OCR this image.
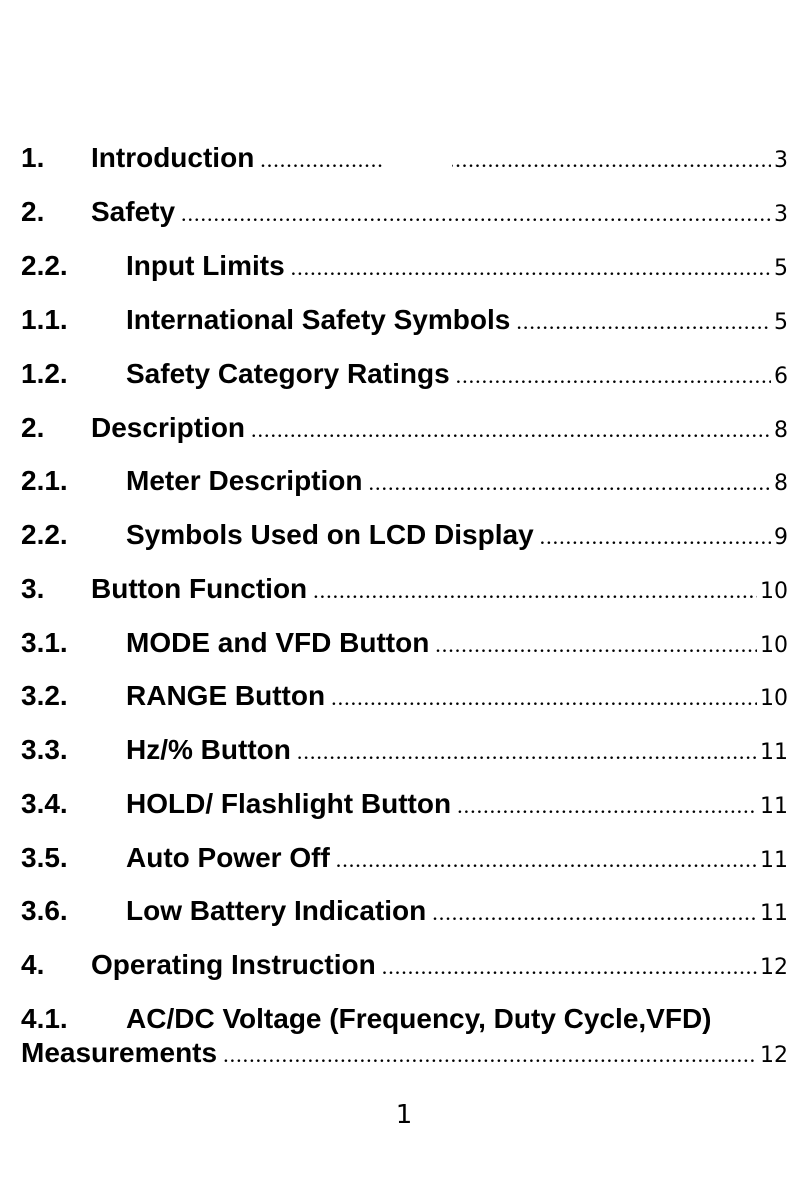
1.	Introduction .....	3
2.	Safety .....	3
2.2.	Input Limits .....	5
1.1.	International Safety Symbols .....	5
1.2.	Safety Category Ratings .....	6
2.	Description .....	8
2.1.	Meter Description .....	8
2.2.	Symbols Used on LCD Display .....	9
3.	Button Function .....	10
3.1.	MODE and VFD Button .....	10
3.2.	RANGE Button .....	10
3.3.	Hz/% Button .....	11
3.4.	HOLD/ Flashlight Button .....	11
3.5.	Auto Power Off .....	11
3.6.	Low Battery Indication .....	11
4.	Operating Instruction .....	12
4.1.	AC/DC Voltage (Frequency, Duty Cycle,VFD)
Measurements .....	12
1
